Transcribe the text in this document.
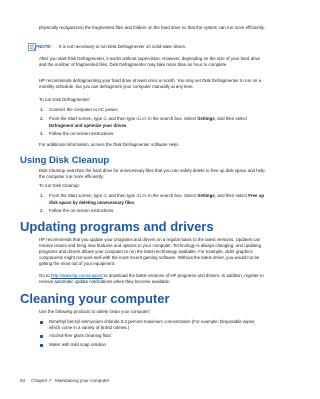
physically reorganizes) the fragmented files and folders on the hard drive so that the system can run more efficiently.

NOTE: It is not necessary to run Disk Defragmenter on solid-state drives.

After you start Disk Defragmenter, it works without supervision. However, depending on the size of your hard drive and the number of fragmented files, Disk Defragmenter may take more than an hour to complete.

HP recommends defragmenting your hard drive at least once a month. You may set Disk Defragmenter to run on a monthly schedule, but you can defragment your computer manually at any time.

To run Disk Defragmenter:

1. Connect the computer to AC power.

2. From the Start screen, type d, and then type disk in the search box. Select Settings, and then select Defragment and optimize your drives.

3. Follow the on-screen instructions.

For additional information, access the Disk Defragmenter software Help.

Using Disk Cleanup

Disk Cleanup searches the hard drive for unnecessary files that you can safely delete to free up disk space and help the computer run more efficiently.

To run Disk Cleanup:

1. From the Start screen, type d, and then type disk in the search box. Select Settings, and then select Free up disk space by deleting unnecessary files.

2. Follow the on-screen instructions.

Updating programs and drivers

HP recommends that you update your programs and drivers on a regular basis to the latest versions. Updates can resolve issues and bring new features and options to your computer. Technology is always changing, and updating programs and drivers allows your computer to run the latest technology available. For example, older graphics components might not work well with the most recent gaming software. Without the latest driver, you would not be getting the most out of your equipment.

Go to http://www.hp.com/support to download the latest versions of HP programs and drivers. In addition, register to receive automatic update notifications when they become available.

Cleaning your computer

Use the following products to safely clean your computer:

Dimethyl benzyl ammonium chloride 0.3 percent maximum concentration (For example: Disposable wipes, which come in a variety of brand names.)

Alcohol-free glass cleaning fluid

Water with mild soap solution

54 Chapter 7   Maintaining your computer
